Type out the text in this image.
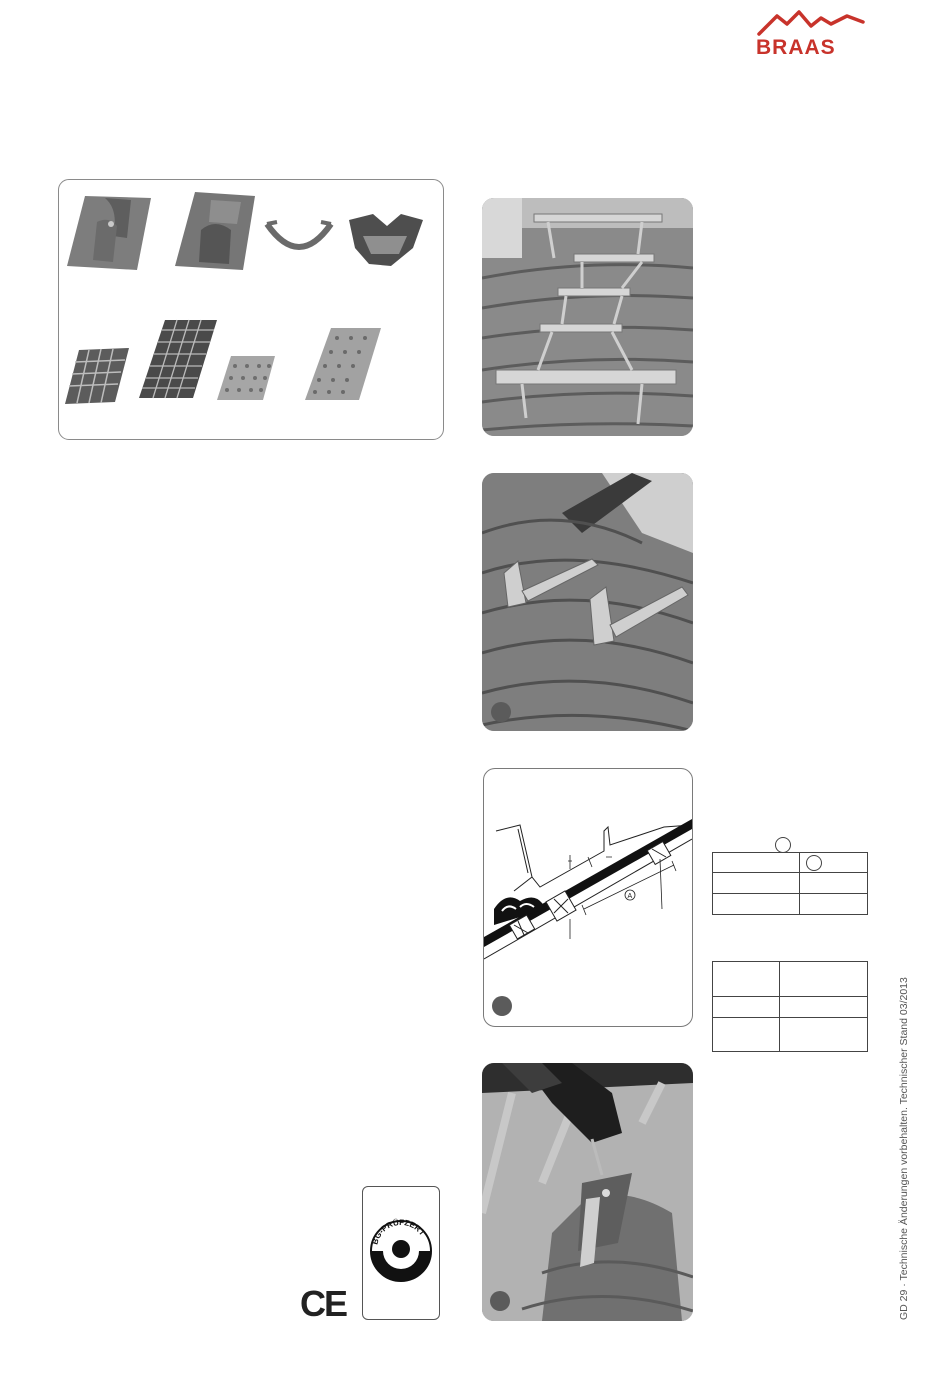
BRAAS
A

GD 29 · Technische Änderungen vorbehalten. Technischer Stand 03/2013
BG-PRÜFZERT
CE
